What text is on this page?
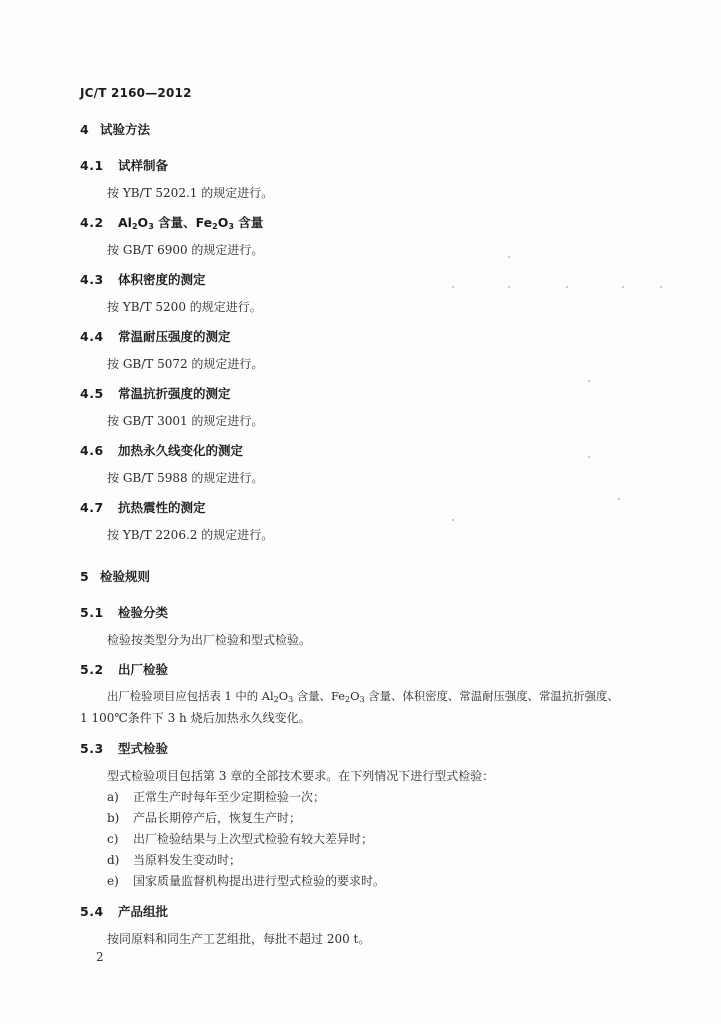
JC/T 2160—2012
4 试验方法
4.1 试样制备
按 YB/T 5202.1 的规定进行。
4.2 $Al_2O_3$ 含量、$Fe_2O_3$ 含量
按 GB/T 6900 的规定进行。
4.3 体积密度的测定
按 YB/T 5200 的规定进行。
4.4 常温耐压强度的测定
按 GB/T 5072 的规定进行。
4.5 常温抗折强度的测定
按 GB/T 3001 的规定进行。
4.6 加热永久线变化的测定
按 GB/T 5988 的规定进行。
4.7 抗热震性的测定
按 YB/T 2206.2 的规定进行。
5 检验规则
5.1 检验分类
检验按类型分为出厂检验和型式检验。
5.2 出厂检验
出厂检验项目应包括表 1 中的 $Al_2O_3$ 含量、$Fe_2O_3$ 含量、体积密度、常温耐压强度、常温抗折强度、
1 100℃条件下 3 h 烧后加热永久线变化。
5.3 型式检验
型式检验项目包括第 3 章的全部技术要求。在下列情况下进行型式检验：
a) 正常生产时每年至少定期检验一次；
b) 产品长期停产后，恢复生产时；
c) 出厂检验结果与上次型式检验有较大差异时；
d) 当原料发生变动时；
e) 国家质量监督机构提出进行型式检验的要求时。
5.4 产品组批
按同原料和同生产工艺组批，每批不超过 200 t。
2
